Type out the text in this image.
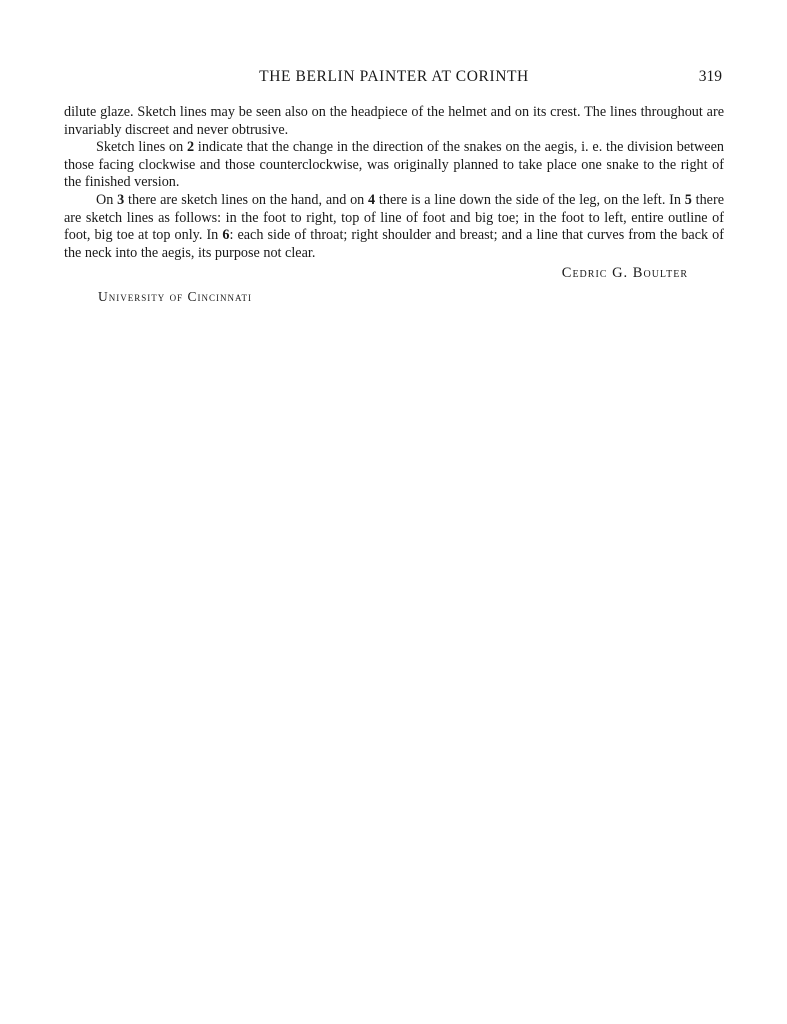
THE BERLIN PAINTER AT CORINTH	319

dilute glaze. Sketch lines may be seen also on the headpiece of the helmet and on its crest. The lines throughout are invariably discreet and never obtrusive.

Sketch lines on 2 indicate that the change in the direction of the snakes on the aegis, i. e. the division between those facing clockwise and those counterclockwise, was originally planned to take place one snake to the right of the finished version.

On 3 there are sketch lines on the hand, and on 4 there is a line down the side of the leg, on the left. In 5 there are sketch lines as follows: in the foot to right, top of line of foot and big toe; in the foot to left, entire outline of foot, big toe at top only. In 6: each side of throat; right shoulder and breast; and a line that curves from the back of the neck into the aegis, its purpose not clear.

Cedric G. Boulter
University of Cincinnati
